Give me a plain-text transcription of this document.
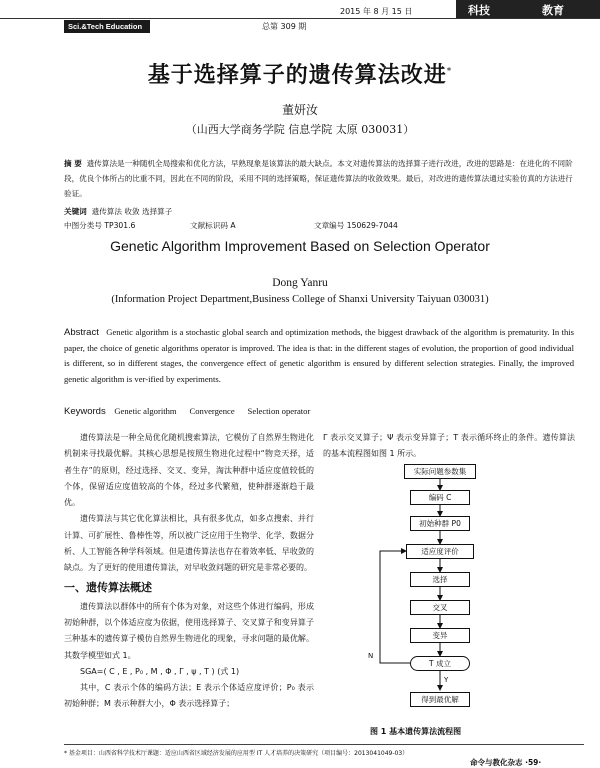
2015 年 8 月 15 日	科技	教育
Sci.&Tech Education	总第 309 期
基于选择算子的遗传算法改进*
董妍汝
（山西大学商务学院 信息学院 太原 030031）
摘 要 遗传算法是一种随机全局搜索和优化方法，早熟现象是该算法的最大缺点。本文对遗传算法的选择算子进行改进，改进的思路是：在进化的不同阶段，优良个体所占的比重不同，因此在不同的阶段，采用不同的选择策略，保证遗传算法的收敛效果。最后，对改进的遗传算法通过实验仿真的方法进行验证。
关键词 遗传算法 收敛 选择算子
中图分类号 TP301.6	文献标识码 A	文章编号 150629-7044
Genetic Algorithm Improvement Based on Selection Operator
Dong Yanru
(Information Project Department,Business College of Shanxi University Taiyuan 030031)
Abstract Genetic algorithm is a stochastic global search and optimization methods, the biggest drawback of the algorithm is prematurity. In this paper, the choice of genetic algorithms operator is improved. The idea is that: in the different stages of evolution, the proportion of good individual is different, so in different stages, the convergence effect of genetic algorithm is ensured by different selection strategies. Finally, the improved genetic algorithm is ver-ified by experiments.
Keywords Genetic algorithm      Convergence      Selection operator
遗传算法是一种全局优化随机搜索算法，它模仿了自然界生物进化机制来寻找最优解。其核心思想是按照生物进化过程中“物竞天择，适者生存”的原则，经过选择、交叉、变异，淘汰种群中适应度值较低的个体，保留适应度值较高的个体，经过多代繁殖，使种群逐渐趋于最优。
遗传算法与其它优化算法相比，具有很多优点，如多点搜索、并行计算、可扩展性、鲁棒性等，所以被广泛应用于生物学、化学、数据分析、人工智能各种学科领域。但是遗传算法也存在着效率低、早收敛的缺点。为了更好的使用遗传算法，对早收敛问题的研究是非常必要的。
一、遗传算法概述
遗传算法以群体中的所有个体为对象，对这些个体进行编码，形成初始种群，以个体适应度为依据，使用选择算子、交叉算子和变异算子三种基本的遗传算子模仿自然界生物进化的现象，寻求问题的最优解。其数学模型如式 1。
SGA=( C , E , P₀ , M , Φ , Γ , ψ , T ) (式 1)
其中，C 表示个体的编码方法；E 表示个体适应度评价；P₀ 表示初始种群；M 表示种群大小，Φ 表示选择算子；
Γ 表示交叉算子；Ψ 表示变异算子；T 表示循环终止的条件。遗传算法的基本流程图如图 1 所示。
实际问题参数集
编码 C
初始种群 P0
适应度评价
选择
交叉
变异
T 成立
得到最优解
N
Y
图 1 基本遗传算法流程图
* 基金项目：山西省科学技术厅课题：适应山西省区域经济发展的应用型 IT 人才培养的决策研究（项目编号：2013041049-03）
命令与教化杂志 ·59·
